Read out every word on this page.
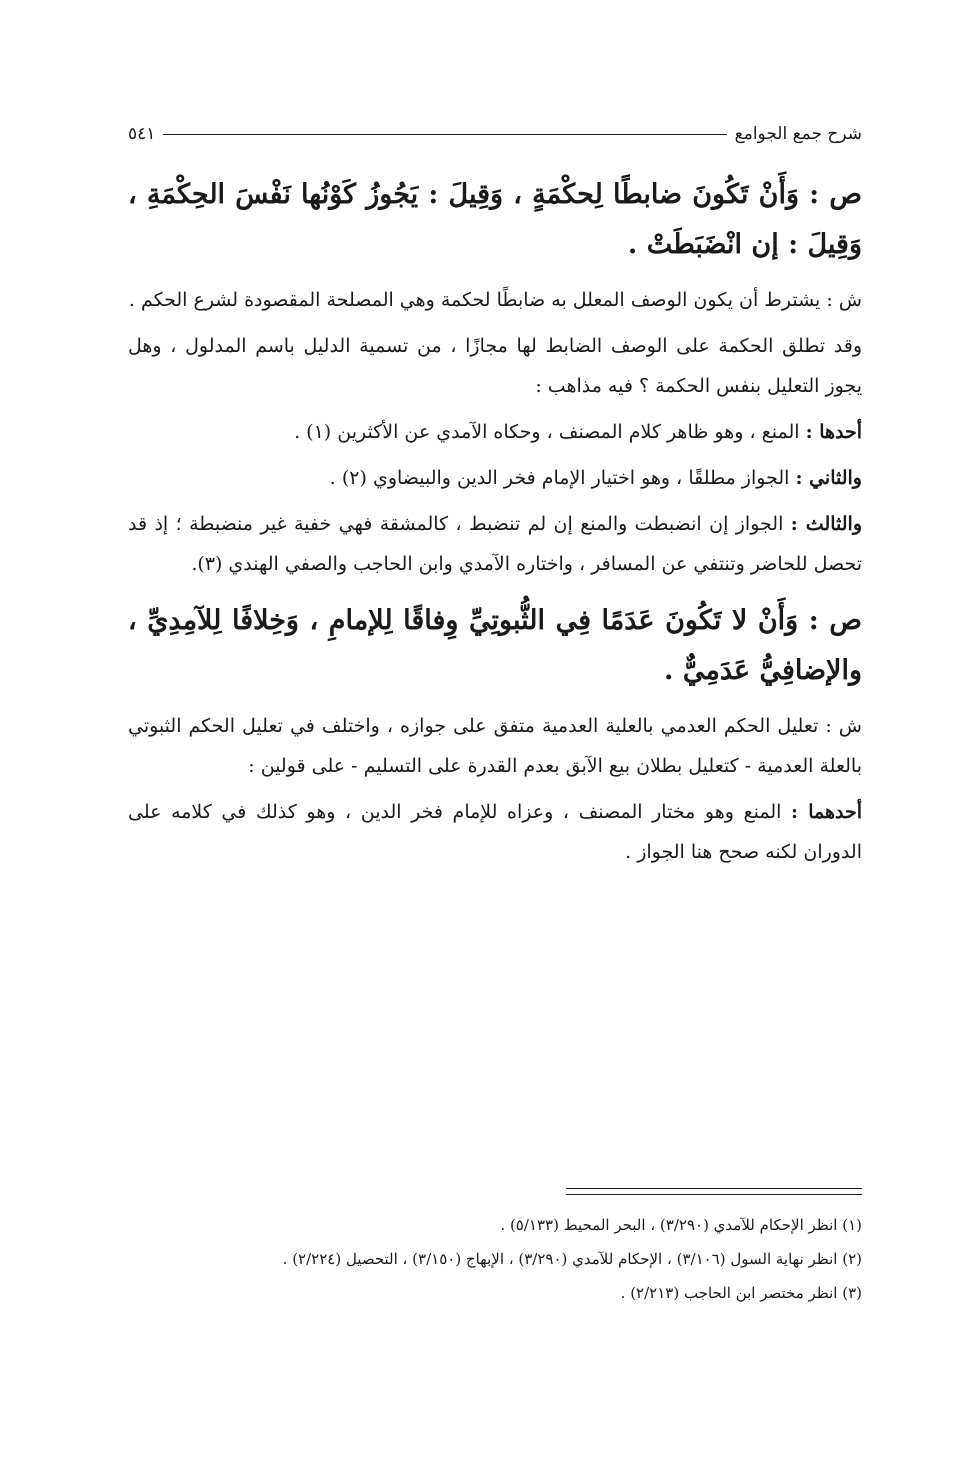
شرح جمع الجوامع
٥٤١

ص : وَأَنْ تَكُونَ ضابطًا لِحكْمَةٍ ، وَقِيلَ : يَجُوزُ كَوْنُها نَفْسَ الحِكْمَةِ ، وَقِيلَ : إن انْضَبَطَتْ .

ش : يشترط أن يكون الوصف المعلل به ضابطًا لحكمة وهي المصلحة المقصودة لشرع الحكم .

وقد تطلق الحكمة على الوصف الضابط لها مجازًا ، من تسمية الدليل باسم المدلول ، وهل يجوز التعليل بنفس الحكمة ؟ فيه مذاهب :

أحدها : المنع ، وهو ظاهر كلام المصنف ، وحكاه الآمدي عن الأكثرين (١) .

والثاني : الجواز مطلقًا ، وهو اختيار الإمام فخر الدين والبيضاوي (٢) .

والثالث : الجواز إن انضبطت والمنع إن لم تنضبط ، كالمشقة فهي خفية غير منضبطة ؛ إذ قد تحصل للحاضر وتنتفي عن المسافر ، واختاره الآمدي وابن الحاجب والصفي الهندي (٣).

ص : وَأَنْ لا تَكُونَ عَدَمًا فِي الثُّبوتِيِّ وِفاقًا لِلإمامِ ، وَخِلافًا لِلآمِدِيِّ ، والإضافِيُّ عَدَمِيٌّ .

ش : تعليل الحكم العدمي بالعلية العدمية متفق على جوازه ، واختلف في تعليل الحكم الثبوتي بالعلة العدمية - كتعليل بطلان بيع الآبق بعدم القدرة على التسليم - على قولين :

أحدهما : المنع وهو مختار المصنف ، وعزاه للإمام فخر الدين ، وهو كذلك في كلامه على الدوران لكنه صحح هنا الجواز .

(١) انظر الإحكام للآمدي (٣/٢٩٠) ، البحر المحيط (٥/١٣٣) .

(٢) انظر نهاية السول (٣/١٠٦) ، الإحكام للآمدي (٣/٢٩٠) ، الإبهاج (٣/١٥٠) ، التحصيل (٢/٢٢٤) .

(٣) انظر مختصر ابن الحاجب (٢/٢١٣) .
